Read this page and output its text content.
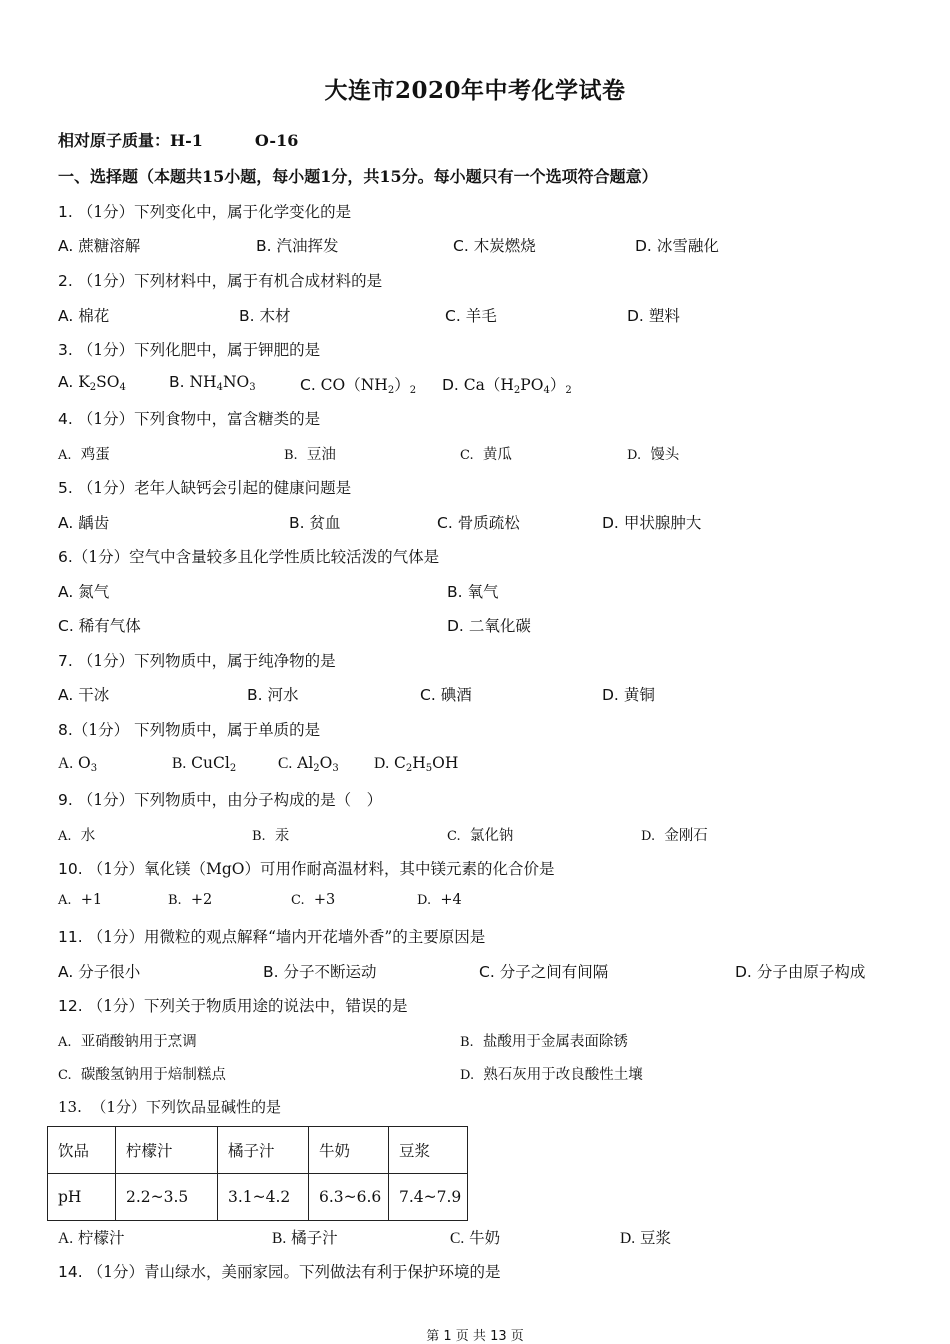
大连市2020年中考化学试卷
相对原子质量：H-1	O-16
一、选择题（本题共15小题，每小题1分，共15分。每小题只有一个选项符合题意）
1. （1分）下列变化中，属于化学变化的是
A. 蔗糖溶解	B. 汽油挥发	C. 木炭燃烧	D. 冰雪融化
2. （1分）下列材料中，属于有机合成材料的是
A. 棉花	B. 木材	C. 羊毛	D. 塑料
3. （1分）下列化肥中，属于钾肥的是
A. $K_2SO_4$	B. $NH_4NO_3$	C. $CO(NH_2)_2$ D. $Ca(H_2PO_4)_2$
4. （1分）下列食物中，富含糖类的是
A. 鸡蛋	B. 豆油	C. 黄瓜	D. 馒头
5. （1分）老年人缺钙会引起的健康问题是
A. 龋齿	B. 贫血	C. 骨质疏松	D. 甲状腺肿大
6.（1分）空气中含量较多且化学性质比较活泼的气体是
A. 氮气	B. 氧气
C. 稀有气体	D. 二氧化碳
7. （1分）下列物质中，属于纯净物的是
A. 干冰	B. 河水	C. 碘酒	D. 黄铜
8.（1分） 下列物质中，属于单质的是
A. $O_3$	B. CuCl$_2$	C. $Al_2O_3$ D. $C_2H_5OH$
9. （1分）下列物质中，由分子构成的是（　）
A. 水	B. 汞	C. 氯化钠	D. 金刚石
10. （1分）氧化镁（MgO）可用作耐高温材料，其中镁元素的化合价是
A. +1	B. +2	C. +3	D. +4
11. （1分）用微粒的观点解释“墙内开花墙外香”的主要原因是
A. 分子很小	B. 分子不断运动	C. 分子之间有间隔	D. 分子由原子构成
12. （1分）下列关于物质用途的说法中，错误的是
A. 亚硝酸钠用于烹调	B. 盐酸用于金属表面除锈
C. 碳酸氢钠用于焙制糕点	D. 熟石灰用于改良酸性土壤
13. （1分）下列饮品显碱性的是
饮品	柠檬汁	橘子汁	牛奶	豆浆
pH	2.2~3.5	3.1~4.2	6.3~6.6	7.4~7.9
A. 柠檬汁	B. 橘子汁	C. 牛奶	D. 豆浆
14. （1分）青山绿水，美丽家园。下列做法有利于保护环境的是
第 1 页 共 13 页
